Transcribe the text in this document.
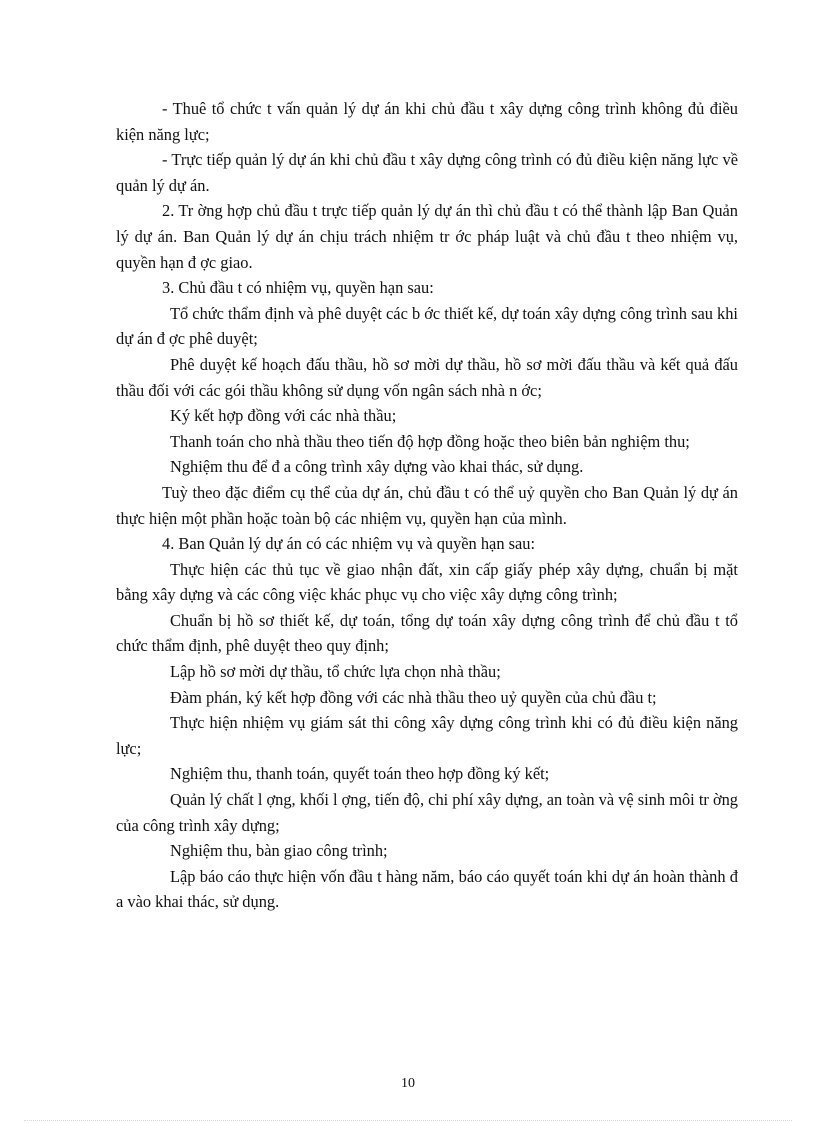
- Thuê tổ chức t vấn quản lý dự án khi chủ đầu t xây dựng công trình không đủ điều kiện năng lực;

- Trực tiếp quản lý dự án khi chủ đầu t xây dựng công trình có đủ điều kiện năng lực về quản lý dự án.

2. Tr ờng hợp chủ đầu t trực tiếp quản lý dự án thì chủ đầu t có thể thành lập Ban Quản lý dự án. Ban Quản lý dự án chịu trách nhiệm tr ớc pháp luật và chủ đầu t theo nhiệm vụ, quyền hạn đ ợc giao.

3. Chủ đầu t có nhiệm vụ, quyền hạn sau:

Tổ chức thẩm định và phê duyệt các b ớc thiết kế, dự toán xây dựng công trình sau khi dự án đ ợc phê duyệt;

Phê duyệt kế hoạch đấu thầu, hồ sơ mời dự thầu, hồ sơ mời đấu thầu và kết quả đấu thầu đối với các gói thầu không sử dụng vốn ngân sách nhà n ớc;

Ký kết hợp đồng với các nhà thầu;

Thanh toán cho nhà thầu theo tiến độ hợp đồng hoặc theo biên bản nghiệm thu;

Nghiệm thu để đ a công trình xây dựng vào khai thác, sử dụng.

Tuỳ theo đặc điểm cụ thể của dự án, chủ đầu t có thể uỷ quyền cho Ban Quản lý dự án thực hiện một phần hoặc toàn bộ các nhiệm vụ, quyền hạn của mình.

4. Ban Quản lý dự án có các nhiệm vụ và quyền hạn sau:

Thực hiện các thủ tục về giao nhận đất, xin cấp giấy phép xây dựng, chuẩn bị mặt bằng xây dựng và các công việc khác phục vụ cho việc xây dựng công trình;

Chuẩn bị hồ sơ thiết kế, dự toán, tổng dự toán xây dựng công trình để chủ đầu t tổ chức thẩm định, phê duyệt theo quy định;

Lập hồ sơ mời dự thầu, tổ chức lựa chọn nhà thầu;

Đàm phán, ký kết hợp đồng với các nhà thầu theo uỷ quyền của chủ đầu t;

Thực hiện nhiệm vụ giám sát thi công xây dựng công trình khi có đủ điều kiện năng lực;

Nghiệm thu, thanh toán, quyết toán theo hợp đồng ký kết;

Quản lý chất l ợng, khối l ợng, tiến độ, chi phí xây dựng, an toàn và vệ sinh môi tr ờng của công trình xây dựng;

Nghiệm thu, bàn giao công trình;

Lập báo cáo thực hiện vốn đầu t hàng năm, báo cáo quyết toán khi dự án hoàn thành đ a vào khai thác, sử dụng.

10
